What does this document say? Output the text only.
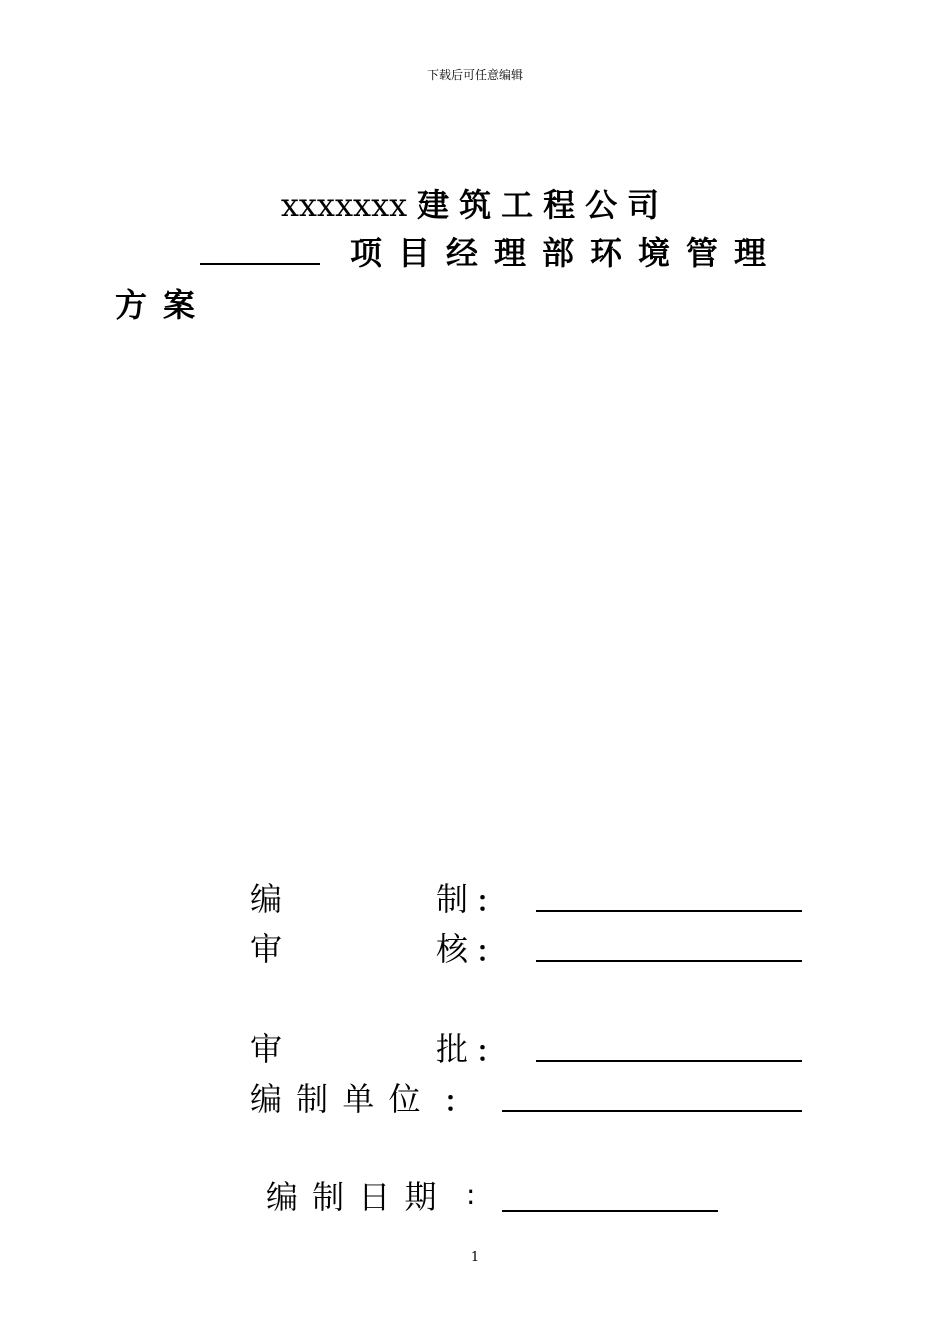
下载后可任意编辑
xxxxxxx 建筑工程公司
项目经理部环境管理
方案
编	制 ：
审	核 ：
审	批 ：
编 制 单 位 ：
编 制 日 期 :
1
